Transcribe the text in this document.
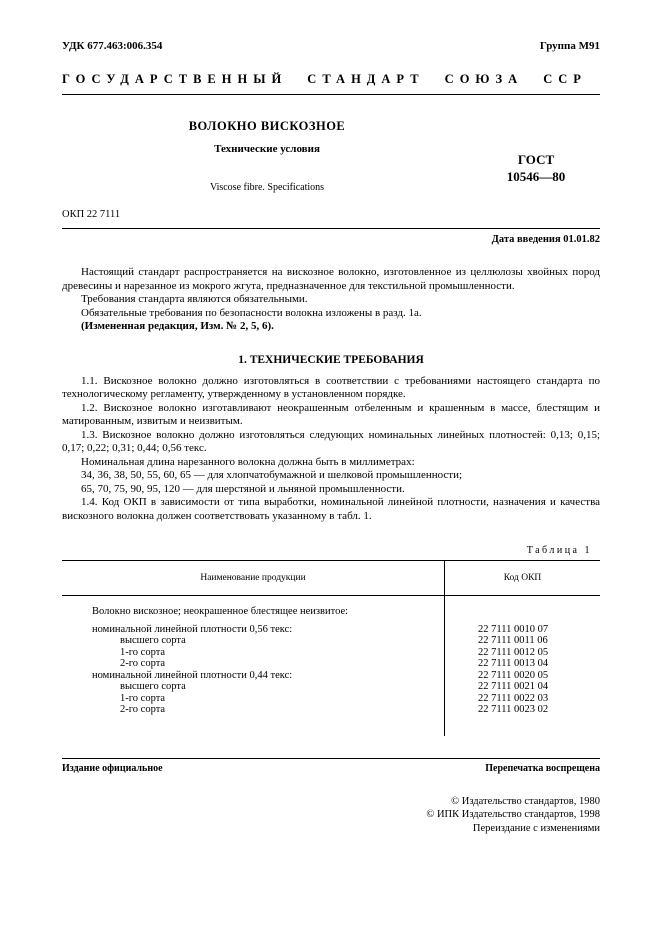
УДК 677.463:006.354	Группа М91
ГОСУДАРСТВЕННЫЙ СТАНДАРТ СОЮЗА ССР
ВОЛОКНО ВИСКОЗНОЕ
Технические условия
Viscose fibre. Specifications
ГОСТ
10546—80
ОКП 22 7111
Дата введения 01.01.82

Настоящий стандарт распространяется на вискозное волокно, изготовленное из целлюлозы хвойных пород древесины и нарезанное из мокрого жгута, предназначенное для текстильной промышленности.

Требования стандарта являются обязательными.

Обязательные требования по безопасности волокна изложены в разд. 1а.

(Измененная редакция, Изм. № 2, 5, 6).

1. ТЕХНИЧЕСКИЕ ТРЕБОВАНИЯ

1.1. Вискозное волокно должно изготовляться в соответствии с требованиями настоящего стандарта по технологическому регламенту, утвержденному в установленном порядке.

1.2. Вискозное волокно изготавливают неокрашенным отбеленным и крашенным в массе, блестящим и матированным, извитым и неизвитым.

1.3. Вискозное волокно должно изготовляться следующих номинальных линейных плотностей: 0,13; 0,15; 0,17; 0,22; 0,31; 0,44; 0,56 текс.

Номинальная длина нарезанного волокна должна быть в миллиметрах:

34, 36, 38, 50, 55, 60, 65 — для хлопчатобумажной и шелковой промышленности;

65, 70, 75, 90, 95, 120 — для шерстяной и льняной промышленности.

1.4. Код ОКП в зависимости от типа выработки, номинальной линейной плотности, назначения и качества вискозного волокна должен соответствовать указанному в табл. 1.

Таблица 1
Наименование продукции	Код ОКП
Волокно вискозное; неокрашенное блестящее неизвитое:
номинальной линейной плотности 0,56 текс:	22 7111 0010 07
высшего сорта	22 7111 0011 06
1-го сорта	22 7111 0012 05
2-го сорта	22 7111 0013 04
номинальной линейной плотности 0,44 текс:	22 7111 0020 05
высшего сорта	22 7111 0021 04
1-го сорта	22 7111 0022 03
2-го сорта	22 7111 0023 02
Издание официальное	Перепечатка воспрещена
© Издательство стандартов, 1980
© ИПК Издательство стандартов, 1998
Переиздание с изменениями
